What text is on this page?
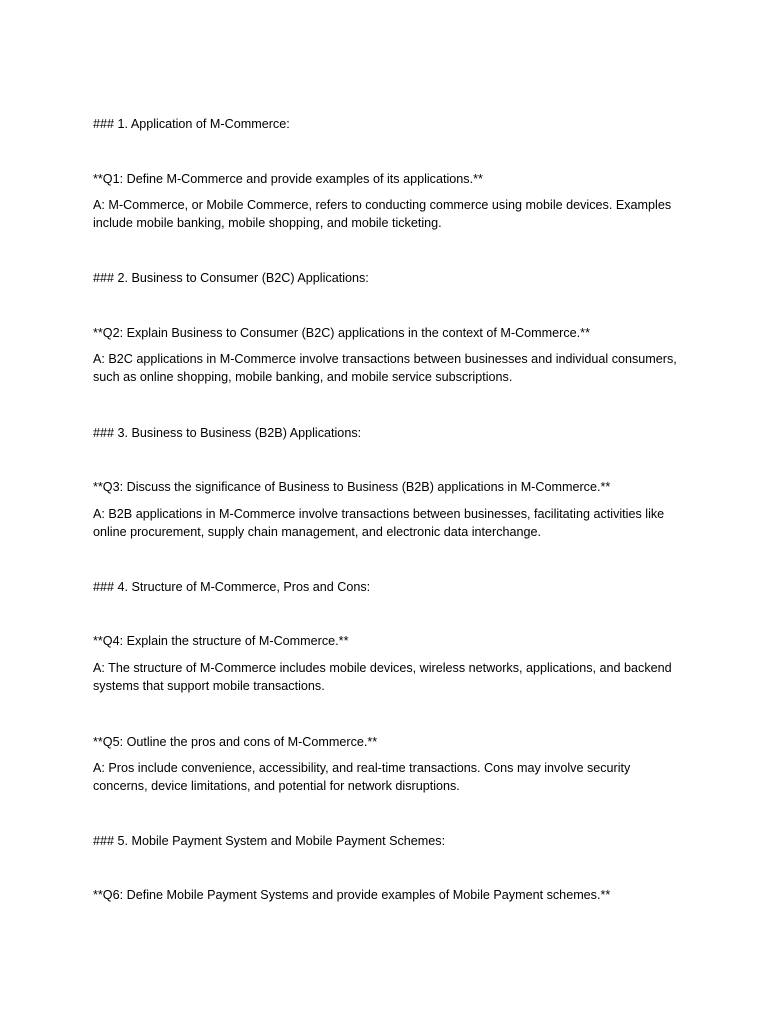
### 1. Application of M-Commerce:
**Q1: Define M-Commerce and provide examples of its applications.**
A: M-Commerce, or Mobile Commerce, refers to conducting commerce using mobile devices. Examples include mobile banking, mobile shopping, and mobile ticketing.
### 2. Business to Consumer (B2C) Applications:
**Q2: Explain Business to Consumer (B2C) applications in the context of M-Commerce.**
A: B2C applications in M-Commerce involve transactions between businesses and individual consumers, such as online shopping, mobile banking, and mobile service subscriptions.
### 3. Business to Business (B2B) Applications:
**Q3: Discuss the significance of Business to Business (B2B) applications in M-Commerce.**
A: B2B applications in M-Commerce involve transactions between businesses, facilitating activities like online procurement, supply chain management, and electronic data interchange.
### 4. Structure of M-Commerce, Pros and Cons:
**Q4: Explain the structure of M-Commerce.**
A: The structure of M-Commerce includes mobile devices, wireless networks, applications, and backend systems that support mobile transactions.
**Q5: Outline the pros and cons of M-Commerce.**
A: Pros include convenience, accessibility, and real-time transactions. Cons may involve security concerns, device limitations, and potential for network disruptions.
### 5. Mobile Payment System and Mobile Payment Schemes:
**Q6: Define Mobile Payment Systems and provide examples of Mobile Payment schemes.**
